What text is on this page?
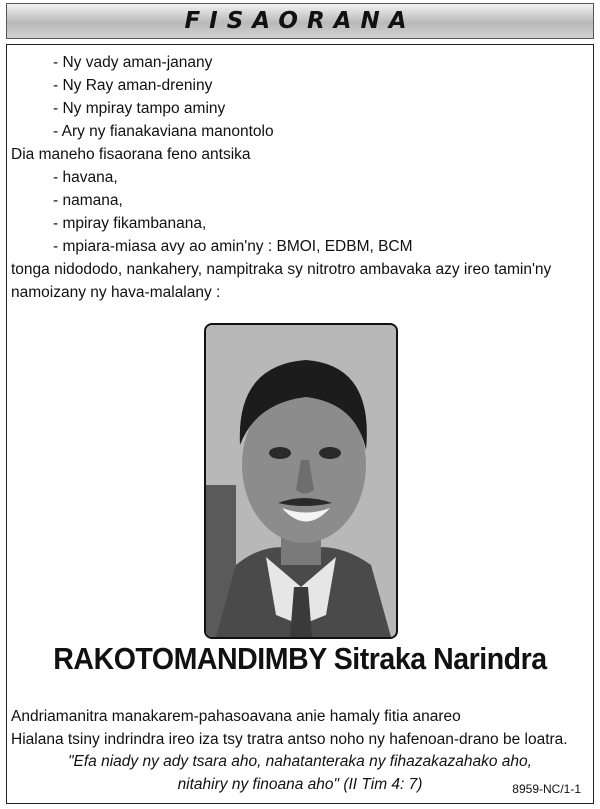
FISAORANA
- Ny vady aman-janany
- Ny Ray aman-dreniny
- Ny mpiray tampo aminy
- Ary ny fianakaviana manontolo
Dia maneho fisaorana feno antsika
- havana,
- namana,
- mpiray fikambanana,
- mpiara-miasa avy ao amin'ny : BMOI, EDBM, BCM
tonga nidododo, nankahery, nampitraka sy nitrotro ambavaka azy ireo tamin'ny
namoizany ny hava-malalany :
RAKOTOMANDIMBY Sitraka Narindra
Andriamanitra manakarem-pahasoavana anie hamaly fitia anareo
Hialana tsiny indrindra ireo iza tsy tratra antso noho ny hafenoan-drano be loatra.
"Efa niady ny ady tsara aho, nahatanteraka ny fihazakazahako aho,
nitahiry ny finoana aho" (II Tim 4: 7)	8959-NC/1-1
